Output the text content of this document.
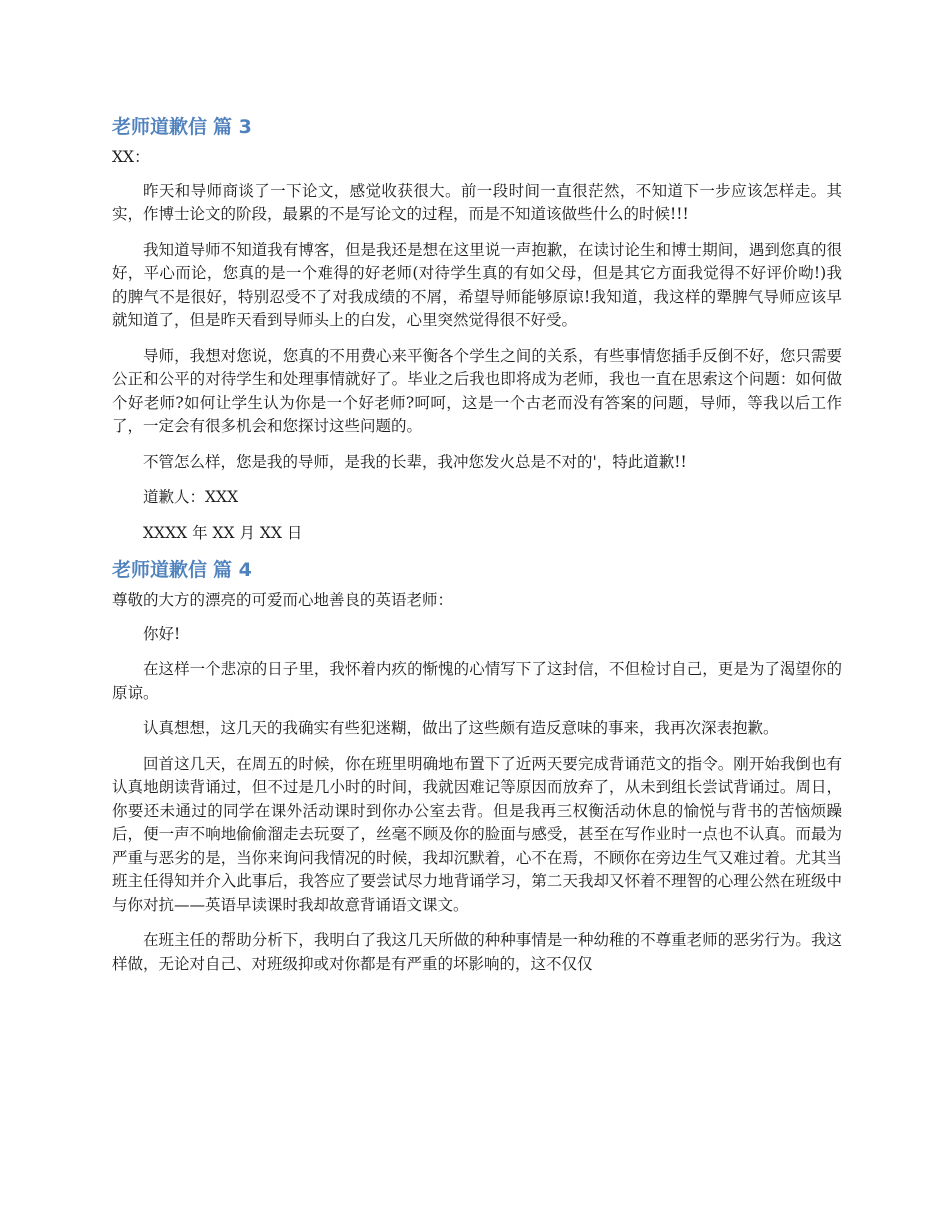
老师道歉信 篇 3
XX：
昨天和导师商谈了一下论文，感觉收获很大。前一段时间一直很茫然，不知道下一步应该怎样走。其实，作博士论文的阶段，最累的不是写论文的过程，而是不知道该做些什么的时候!!!
我知道导师不知道我有博客，但是我还是想在这里说一声抱歉，在读讨论生和博士期间，遇到您真的很好，平心而论，您真的是一个难得的好老师(对待学生真的有如父母，但是其它方面我觉得不好评价呦!)我的脾气不是很好，特别忍受不了对我成绩的不屑，希望导师能够原谅!我知道，我这样的犟脾气导师应该早就知道了，但是昨天看到导师头上的白发，心里突然觉得很不好受。
导师，我想对您说，您真的不用费心来平衡各个学生之间的关系，有些事情您插手反倒不好，您只需要公正和公平的对待学生和处理事情就好了。毕业之后我也即将成为老师，我也一直在思索这个问题：如何做个好老师?如何让学生认为你是一个好老师?呵呵，这是一个古老而没有答案的问题，导师，等我以后工作了，一定会有很多机会和您探讨这些问题的。
不管怎么样，您是我的导师，是我的长辈，我冲您发火总是不对的'，特此道歉!!
道歉人：XXX
XXXX 年 XX 月 XX 日
老师道歉信 篇 4
尊敬的大方的漂亮的可爱而心地善良的英语老师：
你好!
在这样一个悲凉的日子里，我怀着内疚的惭愧的心情写下了这封信，不但检讨自己，更是为了渴望你的原谅。
认真想想，这几天的我确实有些犯迷糊，做出了这些颇有造反意味的事来，我再次深表抱歉。
回首这几天，在周五的时候，你在班里明确地布置下了近两天要完成背诵范文的指令。刚开始我倒也有认真地朗读背诵过，但不过是几小时的时间，我就因难记等原因而放弃了，从未到组长尝试背诵过。周日，你要还未通过的同学在课外活动课时到你办公室去背。但是我再三权衡活动休息的愉悦与背书的苦恼烦躁后，便一声不响地偷偷溜走去玩耍了，丝毫不顾及你的脸面与感受，甚至在写作业时一点也不认真。而最为严重与恶劣的是，当你来询问我情况的时候，我却沉默着，心不在焉，不顾你在旁边生气又难过着。尤其当班主任得知并介入此事后，我答应了要尝试尽力地背诵学习，第二天我却又怀着不理智的心理公然在班级中与你对抗——英语早读课时我却故意背诵语文课文。
在班主任的帮助分析下，我明白了我这几天所做的种种事情是一种幼稚的不尊重老师的恶劣行为。我这样做，无论对自己、对班级抑或对你都是有严重的坏影响的，这不仅仅
